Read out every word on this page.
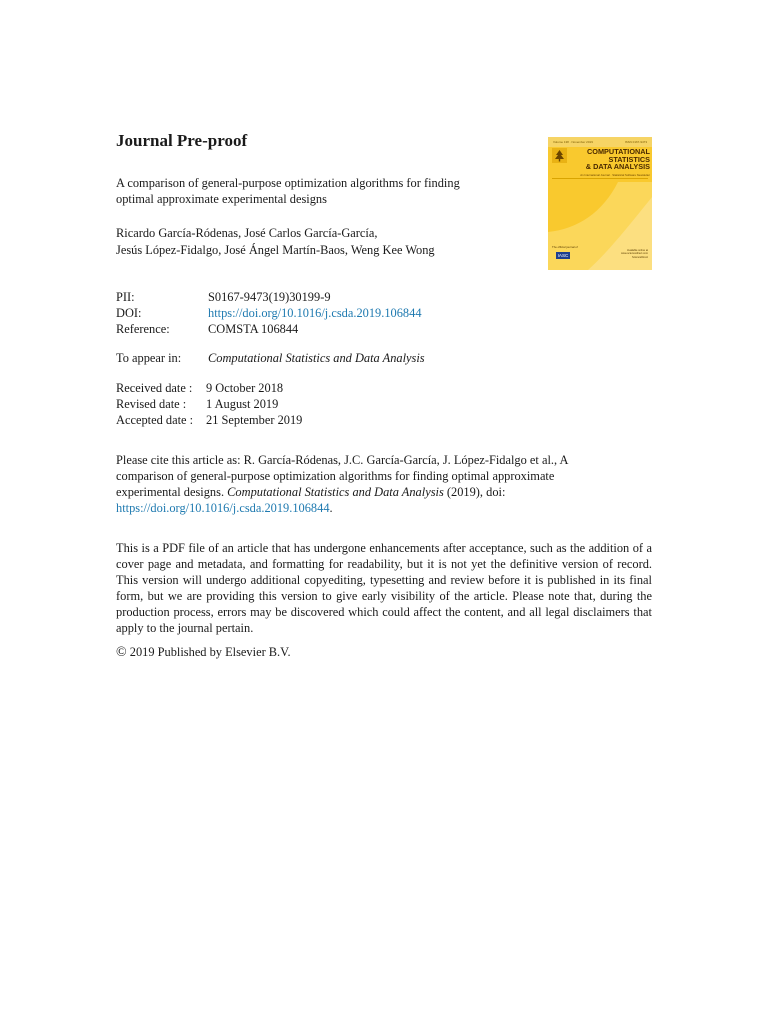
Journal Pre-proof
A comparison of general-purpose optimization algorithms for finding
optimal approximate experimental designs
Ricardo García-Ródenas, José Carlos García-García,
Jesús López-Fidalgo, José Ángel Martín-Baos, Weng Kee Wong
Volume 138 · November 2019	ISSN 0167-9473
COMPUTATIONAL
STATISTICS
& DATA ANALYSIS
An International Journal · Statistical Software Newsletter
The official journal of
IASC
Available online at www.sciencedirect.com
ScienceDirect
PII:	S0167-9473(19)30199-9
DOI:	https://doi.org/10.1016/j.csda.2019.106844
Reference:	COMSTA 106844
To appear in: Computational Statistics and Data Analysis
Received date : 9 October 2018
Revised date : 1 August 2019
Accepted date : 21 September 2019
Please cite this article as: R. García-Ródenas, J.C. García-García, J. López-Fidalgo et al., A comparison of general-purpose optimization algorithms for finding optimal approximate experimental designs. Computational Statistics and Data Analysis (2019), doi: https://doi.org/10.1016/j.csda.2019.106844.
This is a PDF file of an article that has undergone enhancements after acceptance, such as the addition of a cover page and metadata, and formatting for readability, but it is not yet the definitive version of record. This version will undergo additional copyediting, typesetting and review before it is published in its final form, but we are providing this version to give early visibility of the article. Please note that, during the production process, errors may be discovered which could affect the content, and all legal disclaimers that apply to the journal pertain.
© 2019 Published by Elsevier B.V.
